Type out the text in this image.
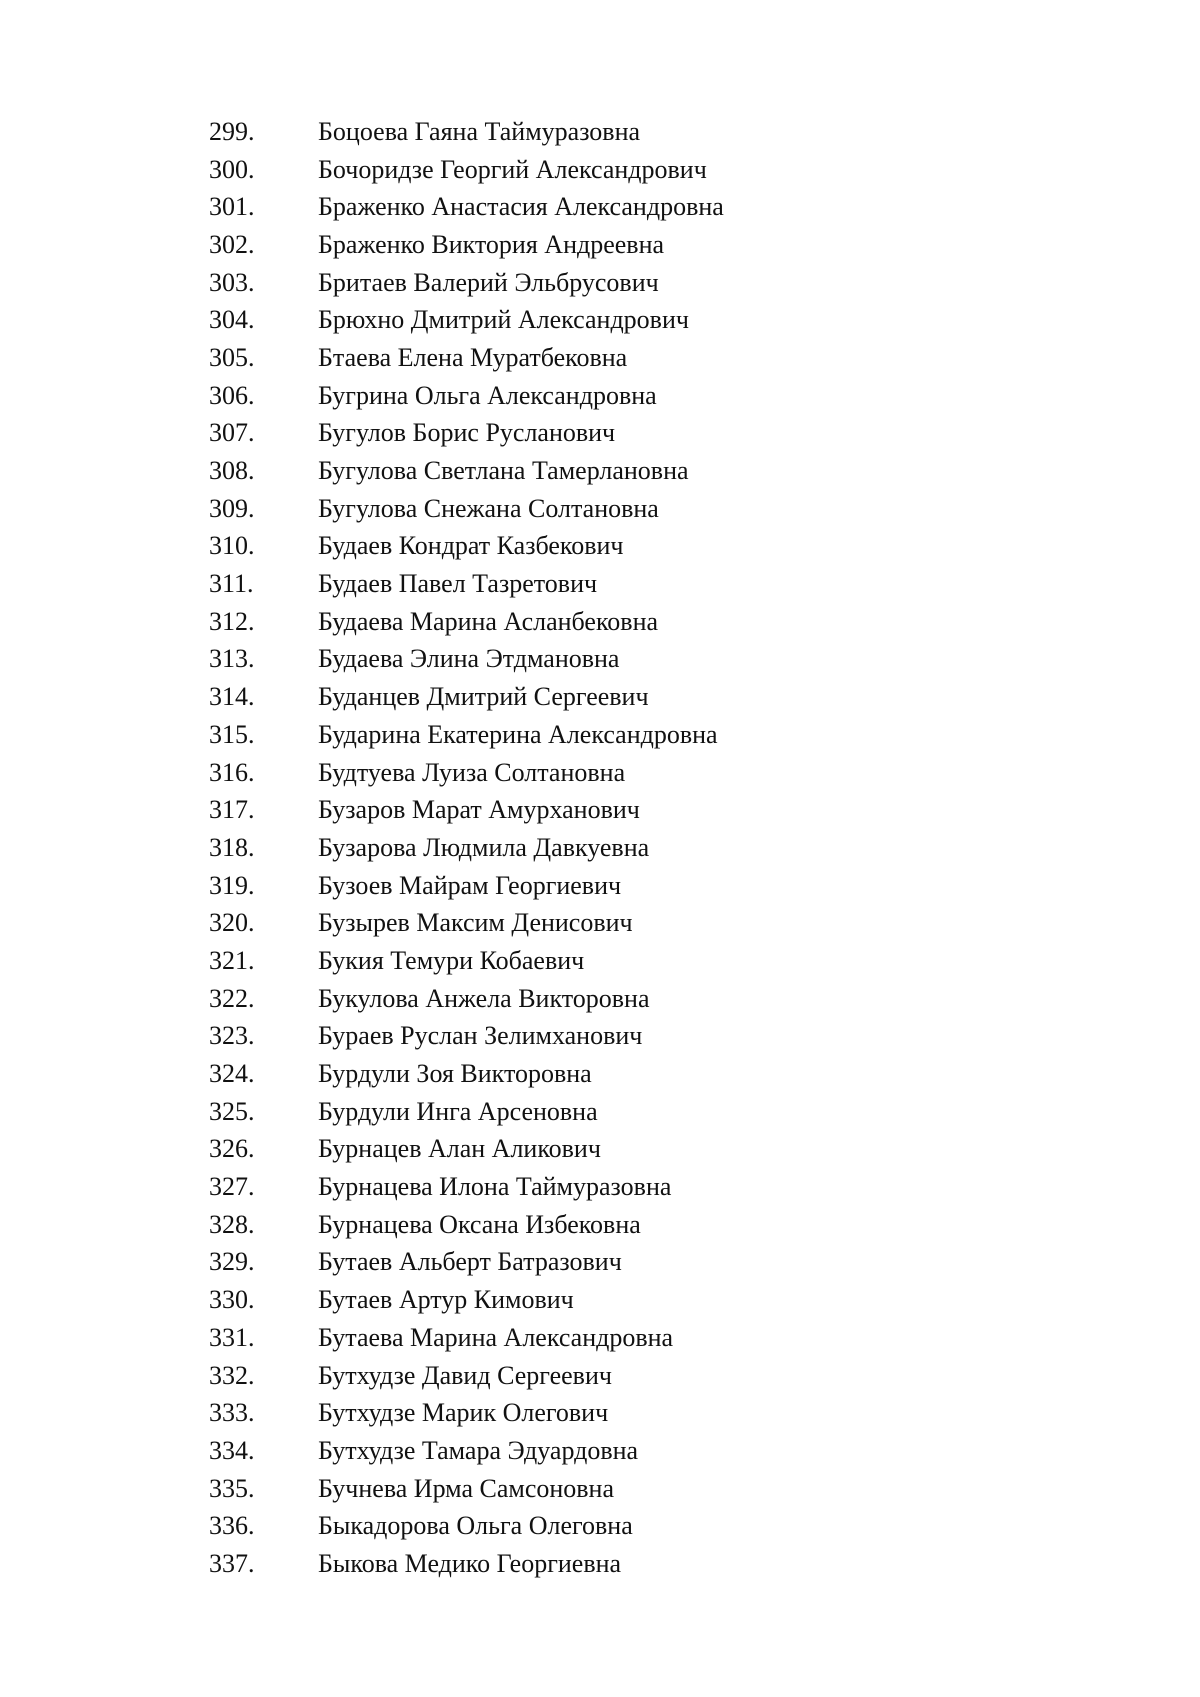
299.	Боцоева Гаяна Таймуразовна
300.	Бочоридзе Георгий Александрович
301.	Браженко Анастасия Александровна
302.	Браженко Виктория Андреевна
303.	Бритаев Валерий Эльбрусович
304.	Брюхно Дмитрий Александрович
305.	Бтаева Елена Муратбековна
306.	Бугрина Ольга Александровна
307.	Бугулов Борис Русланович
308.	Бугулова Светлана Тамерлановна
309.	Бугулова Снежана Солтановна
310.	Будаев Кондрат Казбекович
311.	Будаев Павел Тазретович
312.	Будаева Марина Асланбековна
313.	Будаева Элина Этдмановна
314.	Буданцев Дмитрий Сергеевич
315.	Бударина Екатерина Александровна
316.	Будтуева Луиза Солтановна
317.	Бузаров Марат Амурханович
318.	Бузарова Людмила Давкуевна
319.	Бузоев Майрам Георгиевич
320.	Бузырев Максим Денисович
321.	Букия Темури Кобаевич
322.	Букулова Анжела Викторовна
323.	Бураев Руслан Зелимханович
324.	Бурдули Зоя Викторовна
325.	Бурдули Инга Арсеновна
326.	Бурнацев Алан Аликович
327.	Бурнацева Илона Таймуразовна
328.	Бурнацева Оксана Избековна
329.	Бутаев Альберт Батразович
330.	Бутаев Артур Кимович
331.	Бутаева Марина Александровна
332.	Бутхудзе Давид Сергеевич
333.	Бутхудзе Марик Олегович
334.	Бутхудзе Тамара Эдуардовна
335.	Бучнева Ирма Самсоновна
336.	Быкадорова Ольга Олеговна
337.	Быкова Медико Георгиевна
